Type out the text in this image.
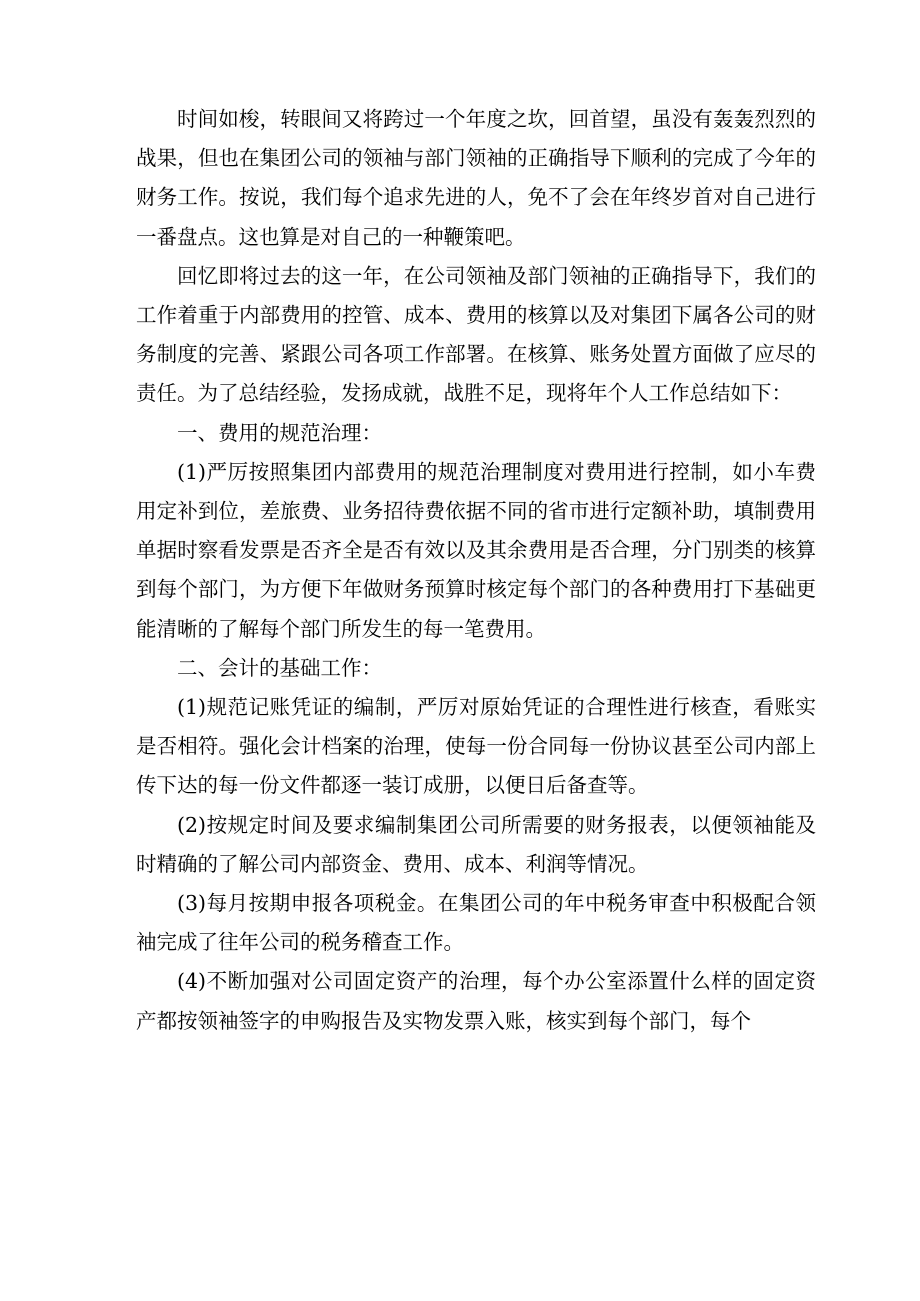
时间如梭，转眼间又将跨过一个年度之坎，回首望，虽没有轰轰烈烈的战果，但也在集团公司的领袖与部门领袖的正确指导下顺利的完成了今年的财务工作。按说，我们每个追求先进的人，免不了会在年终岁首对自己进行一番盘点。这也算是对自己的一种鞭策吧。

回忆即将过去的这一年，在公司领袖及部门领袖的正确指导下，我们的工作着重于内部费用的控管、成本、费用的核算以及对集团下属各公司的财务制度的完善、紧跟公司各项工作部署。在核算、账务处置方面做了应尽的责任。为了总结经验，发扬成就，战胜不足，现将年个人工作总结如下：

一、费用的规范治理：

(1)严厉按照集团内部费用的规范治理制度对费用进行控制，如小车费用定补到位，差旅费、业务招待费依据不同的省市进行定额补助，填制费用单据时察看发票是否齐全是否有效以及其余费用是否合理，分门别类的核算到每个部门，为方便下年做财务预算时核定每个部门的各种费用打下基础更能清晰的了解每个部门所发生的每一笔费用。

二、会计的基础工作：

(1)规范记账凭证的编制，严厉对原始凭证的合理性进行核查，看账实是否相符。强化会计档案的治理，使每一份合同每一份协议甚至公司内部上传下达的每一份文件都逐一装订成册，以便日后备查等。

(2)按规定时间及要求编制集团公司所需要的财务报表，以便领袖能及时精确的了解公司内部资金、费用、成本、利润等情况。

(3)每月按期申报各项税金。在集团公司的年中税务审查中积极配合领袖完成了往年公司的税务稽查工作。

(4)不断加强对公司固定资产的治理，每个办公室添置什么样的固定资产都按领袖签字的申购报告及实物发票入账，核实到每个部门，每个
